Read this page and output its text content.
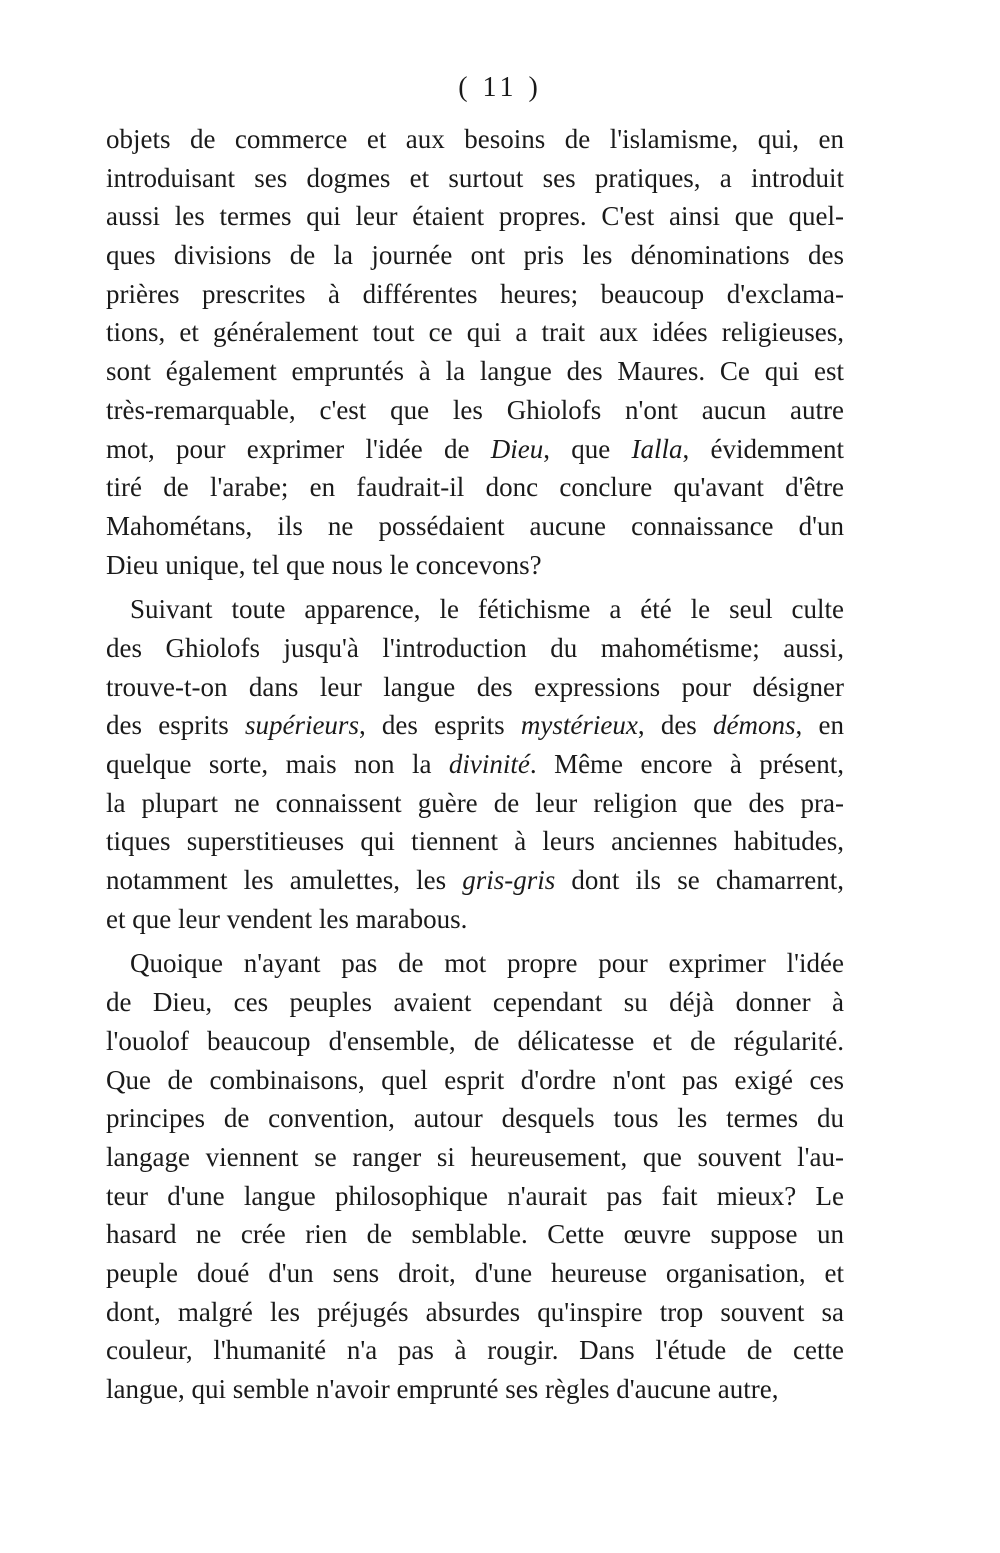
( 11 )
objets de commerce et aux besoins de l'islamisme, qui, en
introduisant ses dogmes et surtout ses pratiques, a introduit
aussi les termes qui leur étaient propres. C'est ainsi que quel-
ques divisions de la journée ont pris les dénominations des
prières prescrites à différentes heures; beaucoup d'exclama-
tions, et généralement tout ce qui a trait aux idées religieuses,
sont également empruntés à la langue des Maures. Ce qui est
très-remarquable, c'est que les Ghiolofs n'ont aucun autre
mot, pour exprimer l'idée de Dieu, que Ialla, évidemment
tiré de l'arabe; en faudrait-il donc conclure qu'avant d'être
Mahométans, ils ne possédaient aucune connaissance d'un
Dieu unique, tel que nous le concevons?
Suivant toute apparence, le fétichisme a été le seul culte
des Ghiolofs jusqu'à l'introduction du mahométisme; aussi,
trouve-t-on dans leur langue des expressions pour désigner
des esprits supérieurs, des esprits mystérieux, des démons, en
quelque sorte, mais non la divinité. Même encore à présent,
la plupart ne connaissent guère de leur religion que des pra-
tiques superstitieuses qui tiennent à leurs anciennes habitudes,
notamment les amulettes, les gris-gris dont ils se chamarrent,
et que leur vendent les marabous.
Quoique n'ayant pas de mot propre pour exprimer l'idée
de Dieu, ces peuples avaient cependant su déjà donner à
l'ouolof beaucoup d'ensemble, de délicatesse et de régularité.
Que de combinaisons, quel esprit d'ordre n'ont pas exigé ces
principes de convention, autour desquels tous les termes du
langage viennent se ranger si heureusement, que souvent l'au-
teur d'une langue philosophique n'aurait pas fait mieux? Le
hasard ne crée rien de semblable. Cette œuvre suppose un
peuple doué d'un sens droit, d'une heureuse organisation, et
dont, malgré les préjugés absurdes qu'inspire trop souvent sa
couleur, l'humanité n'a pas à rougir. Dans l'étude de cette
langue, qui semble n'avoir emprunté ses règles d'aucune autre,
